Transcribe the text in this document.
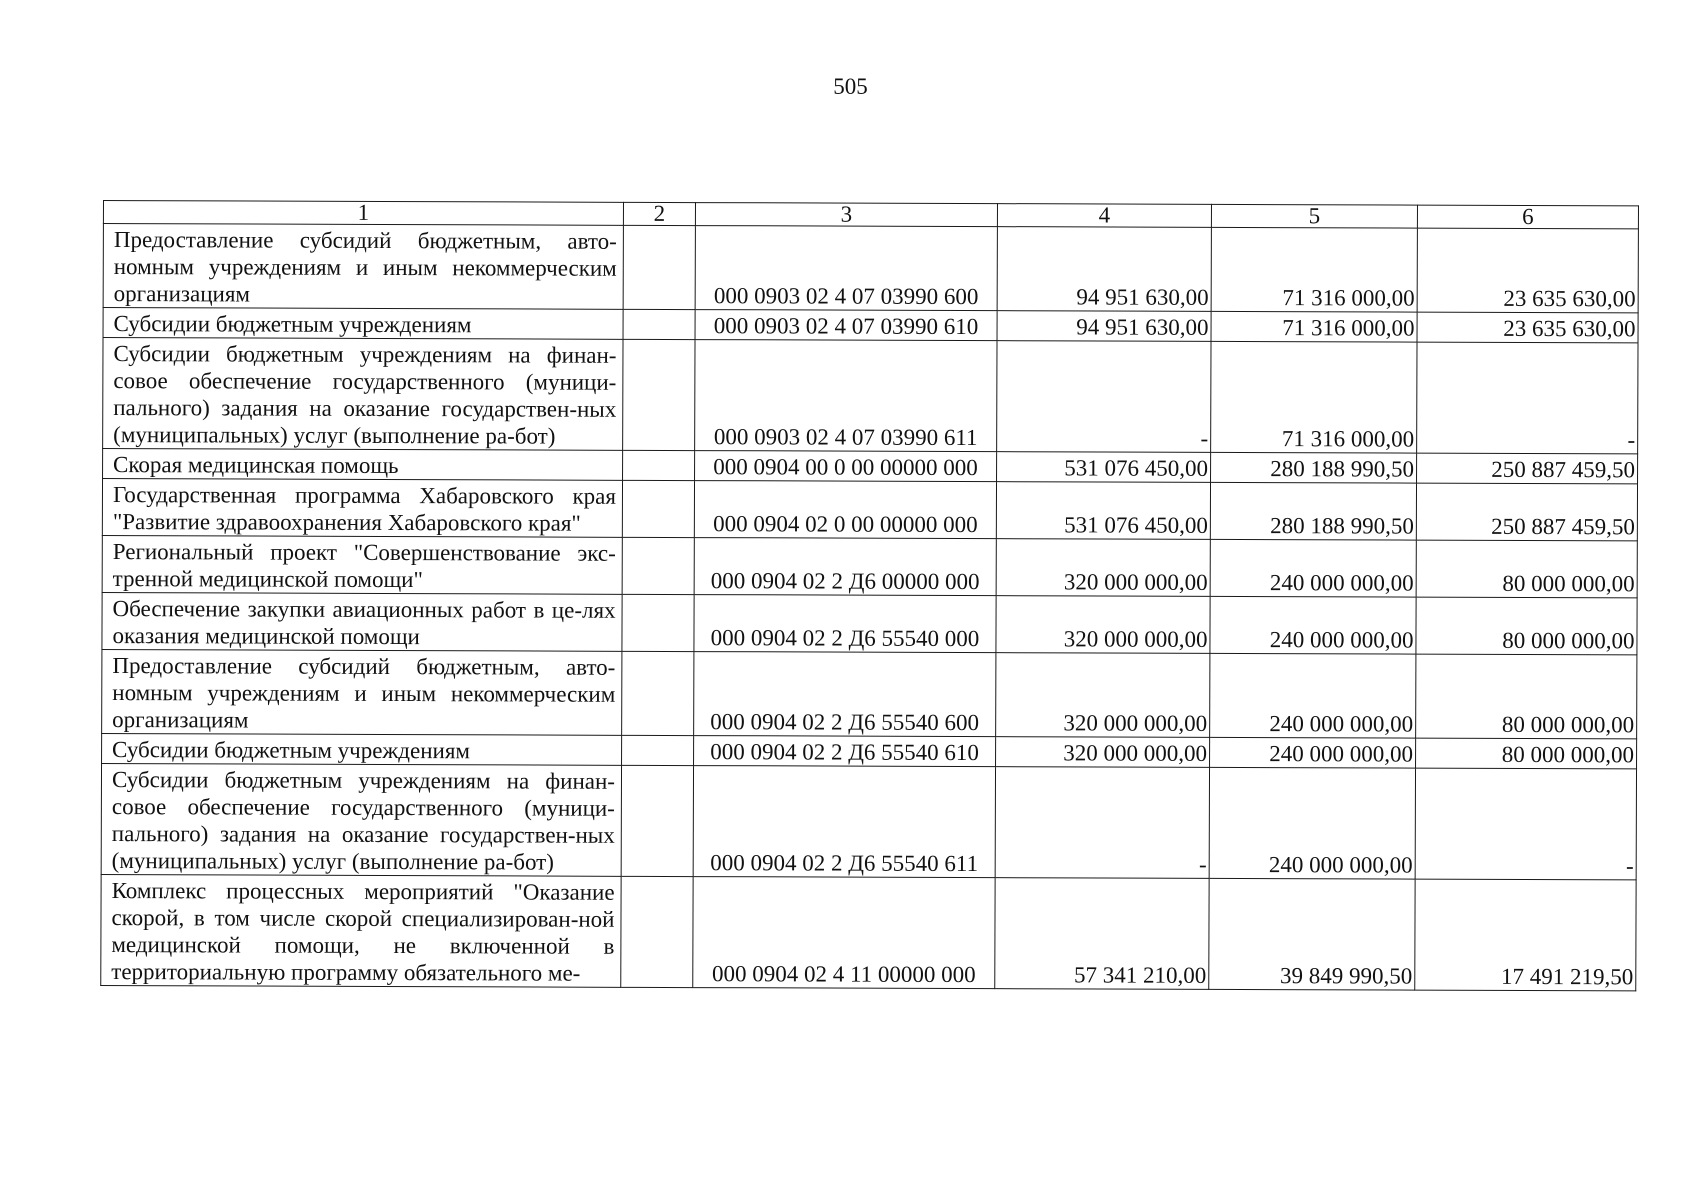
505
1	2	3	4	5	6
Предоставление субсидий бюджетным, авто-номным учреждениям и иным некоммерческим организациям		000 0903 02 4 07 03990 600	94 951 630,00	71 316 000,00	23 635 630,00
Субсидии бюджетным учреждениям		000 0903 02 4 07 03990 610	94 951 630,00	71 316 000,00	23 635 630,00
Субсидии бюджетным учреждениям на финан-совое обеспечение государственного (муници-пального) задания на оказание государствен-ных (муниципальных) услуг (выполнение ра-бот)		000 0903 02 4 07 03990 611	-	71 316 000,00	-
Скорая медицинская помощь		000 0904 00 0 00 00000 000	531 076 450,00	280 188 990,50	250 887 459,50
Государственная программа Хабаровского края "Развитие здравоохранения Хабаровского края"		000 0904 02 0 00 00000 000	531 076 450,00	280 188 990,50	250 887 459,50
Региональный проект "Совершенствование экс-тренной медицинской помощи"		000 0904 02 2 Д6 00000 000	320 000 000,00	240 000 000,00	80 000 000,00
Обеспечение закупки авиационных работ в це-лях оказания медицинской помощи		000 0904 02 2 Д6 55540 000	320 000 000,00	240 000 000,00	80 000 000,00
Предоставление субсидий бюджетным, авто-номным учреждениям и иным некоммерческим организациям		000 0904 02 2 Д6 55540 600	320 000 000,00	240 000 000,00	80 000 000,00
Субсидии бюджетным учреждениям		000 0904 02 2 Д6 55540 610	320 000 000,00	240 000 000,00	80 000 000,00
Субсидии бюджетным учреждениям на финан-совое обеспечение государственного (муници-пального) задания на оказание государствен-ных (муниципальных) услуг (выполнение ра-бот)		000 0904 02 2 Д6 55540 611	-	240 000 000,00	-
Комплекс процессных мероприятий "Оказание скорой, в том числе скорой специализирован-ной медицинской помощи, не включенной в территориальную программу обязательного ме-		000 0904 02 4 11 00000 000	57 341 210,00	39 849 990,50	17 491 219,50
